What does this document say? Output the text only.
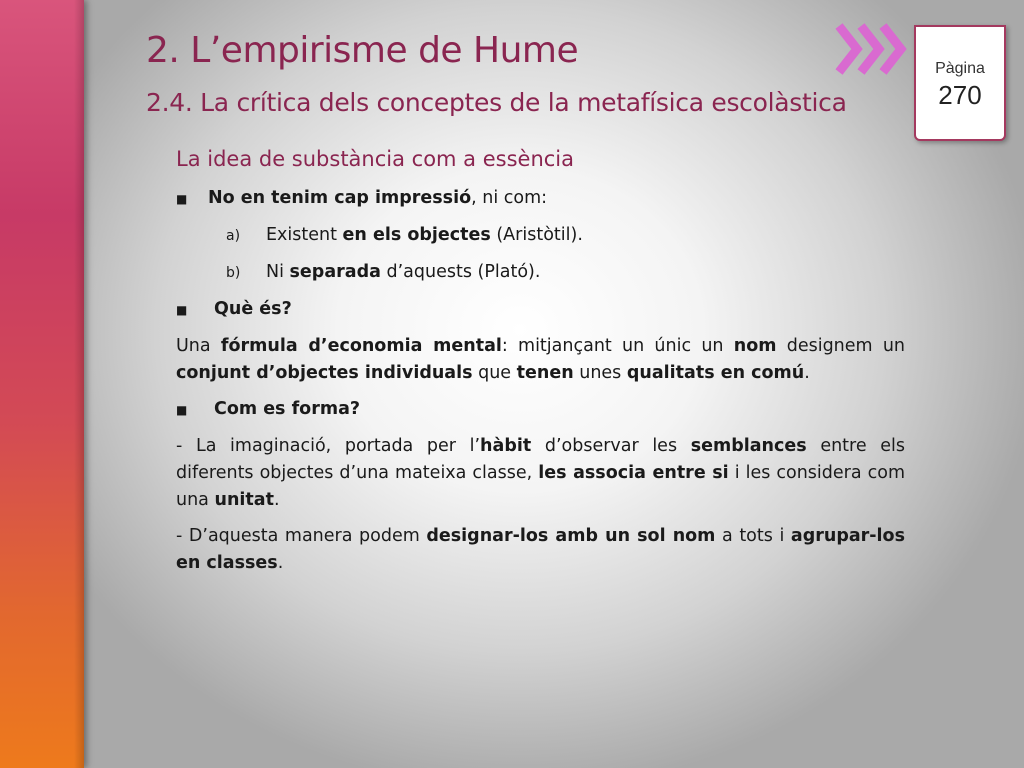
Pàgina
270
2. L’empirisme de Hume
2.4. La crítica dels conceptes de la metafísica escolàstica
La idea de substància com a essència
■	No en tenim cap impressió, ni com:
a)	Existent en els objectes (Aristòtil).
b)	Ni separada d’aquests (Plató).
■	Què és?
Una fórmula d’economia mental: mitjançant un únic un nom designem un conjunt d’objectes individuals que tenen unes qualitats en comú.
■	Com es forma?
- La imaginació, portada per l’hàbit d’observar les semblances entre els diferents objectes d’una mateixa classe, les associa entre si i les considera com una unitat.
- D’aquesta manera podem designar-los amb un sol nom a tots i agrupar-los en classes.
